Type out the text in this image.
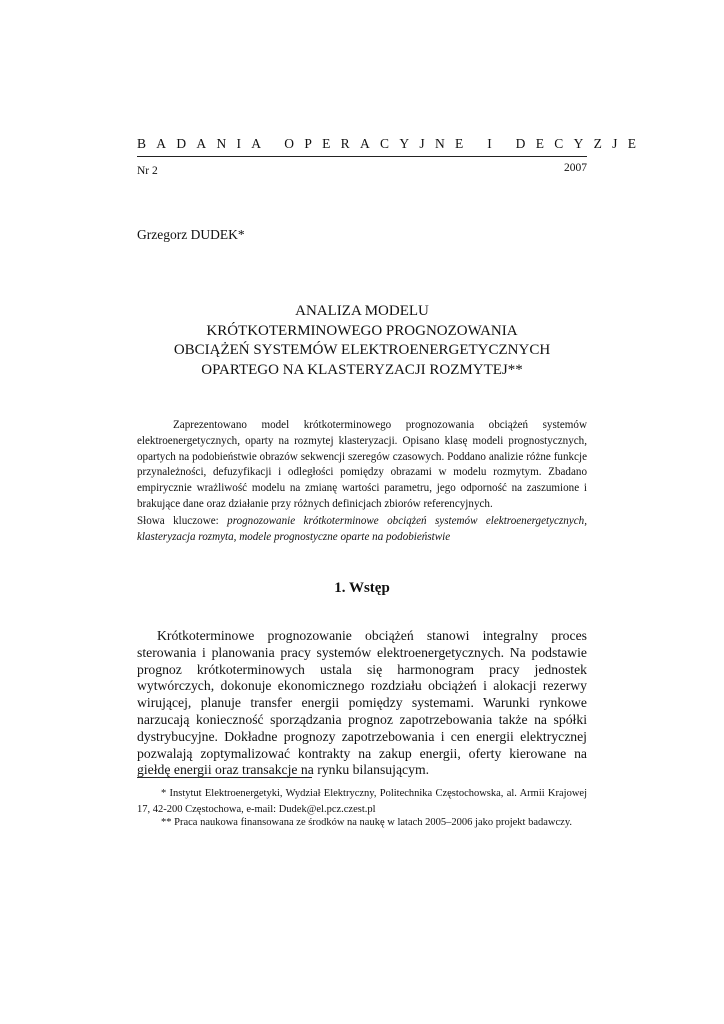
BADANIA OPERACYJNE I DECYZJE
Nr 2	2007
Grzegorz DUDEK*
ANALIZA MODELU
KRÓTKOTERMINOWEGO PROGNOZOWANIA
OBCIĄŻEŃ SYSTEMÓW ELEKTROENERGETYCZNYCH
OPARTEGO NA KLASTERYZACJI ROZMYTEJ**
Zaprezentowano model krótkoterminowego prognozowania obciążeń systemów elektroenergetycznych, oparty na rozmytej klasteryzacji. Opisano klasę modeli prognostycznych, opartych na podobieństwie obrazów sekwencji szeregów czasowych. Poddano analizie różne funkcje przynależności, defuzyfikacji i odległości pomiędzy obrazami w modelu rozmytym. Zbadano empirycznie wrażliwość modelu na zmianę wartości parametru, jego odporność na zaszumione i brakujące dane oraz działanie przy różnych definicjach zbiorów referencyjnych.
Słowa kluczowe: prognozowanie krótkoterminowe obciążeń systemów elektroenergetycznych, klasteryzacja rozmyta, modele prognostyczne oparte na podobieństwie
1. Wstęp
Krótkoterminowe prognozowanie obciążeń stanowi integralny proces sterowania i planowania pracy systemów elektroenergetycznych. Na podstawie prognoz krótkoterminowych ustala się harmonogram pracy jednostek wytwórczych, dokonuje ekonomicznego rozdziału obciążeń i alokacji rezerwy wirującej, planuje transfer energii pomiędzy systemami. Warunki rynkowe narzucają konieczność sporządzania prognoz zapotrzebowania także na spółki dystrybucyjne. Dokładne prognozy zapotrzebowania i cen energii elektrycznej pozwalają zoptymalizować kontrakty na zakup energii, oferty kierowane na giełdę energii oraz transakcje na rynku bilansującym.
* Instytut Elektroenergetyki, Wydział Elektryczny, Politechnika Częstochowska, al. Armii Krajowej 17, 42-200 Częstochowa, e-mail: Dudek@el.pcz.czest.pl
** Praca naukowa finansowana ze środków na naukę w latach 2005–2006 jako projekt badawczy.
